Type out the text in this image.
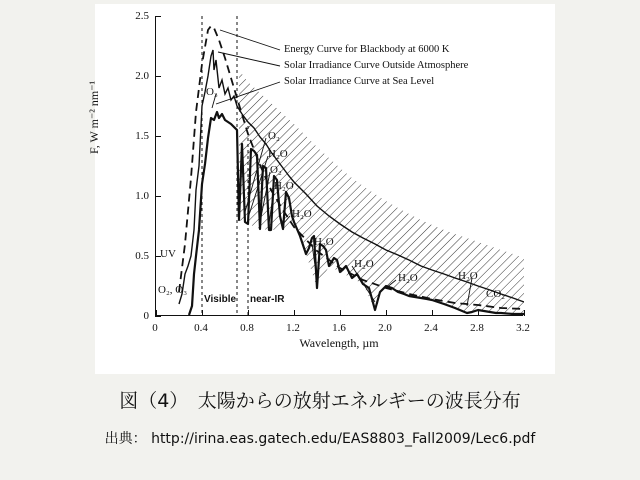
F, W m⁻² nm⁻¹
Energy Curve for Blackbody at 6000 K
Solar Irradiance Curve Outside Atmosphere
Solar Irradiance Curve at Sea Level
O₃
O₂
H₂O
O₂
H₂O
H₂O
H₂O
H₂O
H₂O	H₂O
CO₂
UV
O₂, O₃
Visible near-IR
0	0.4	0.8	1.2	1.6	2.0	2.4	2.8	3.2
0
0.5
1.0
1.5
2.0
2.5
Wavelength, µm
図（4）　太陽からの放射エネルギーの波長分布
出典： http://irina.eas.gatech.edu/EAS8803_Fall2009/Lec6.pdf
